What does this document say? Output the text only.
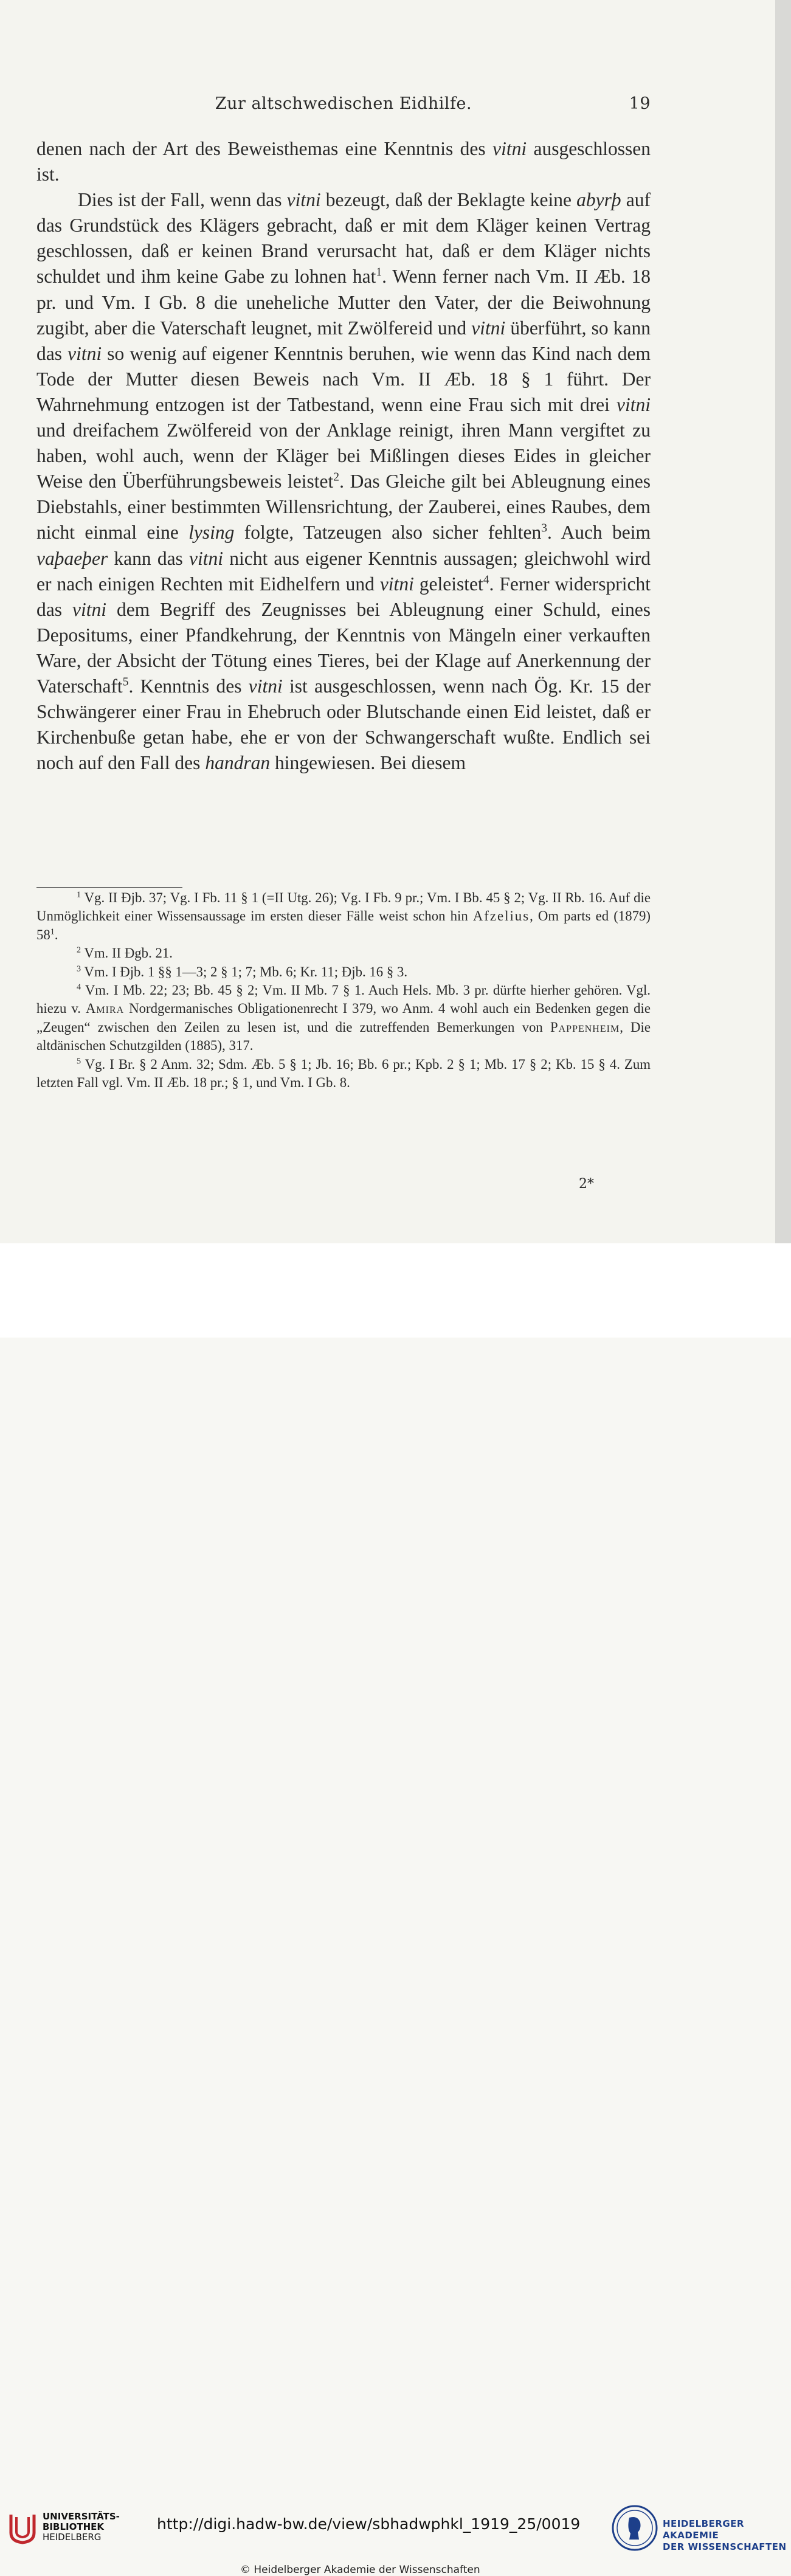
Zur altschwedischen Eidhilfe.	19

denen nach der Art des Beweisthemas eine Kenntnis des vitni ausgeschlossen ist.

Dies ist der Fall, wenn das vitni bezeugt, daß der Beklagte keine abyrþ auf das Grundstück des Klägers gebracht, daß er mit dem Kläger keinen Vertrag geschlossen, daß er keinen Brand verursacht hat, daß er dem Kläger nichts schuldet und ihm keine Gabe zu lohnen hat$^1$. Wenn ferner nach Vm. II Æb. 18 pr. und Vm. I Gb. 8 die uneheliche Mutter den Vater, der die Beiwohnung zugibt, aber die Vaterschaft leugnet, mit Zwölfereid und vitni überführt, so kann das vitni so wenig auf eigener Kenntnis beruhen, wie wenn das Kind nach dem Tode der Mutter diesen Beweis nach Vm. II Æb. 18 § 1 führt. Der Wahrnehmung entzogen ist der Tatbestand, wenn eine Frau sich mit drei vitni und dreifachem Zwölfereid von der Anklage reinigt, ihren Mann vergiftet zu haben, wohl auch, wenn der Kläger bei Mißlingen dieses Eides in gleicher Weise den Überführungsbeweis leistet$^2$. Das Gleiche gilt bei Ableugnung eines Diebstahls, einer bestimmten Willensrichtung, der Zauberei, eines Raubes, dem nicht einmal eine lysing folgte, Tatzeugen also sicher fehlten$^3$. Auch beim vaþaeþer kann das vitni nicht aus eigener Kenntnis aussagen; gleichwohl wird er nach einigen Rechten mit Eidhelfern und vitni geleistet$^4$. Ferner widerspricht das vitni dem Begriff des Zeugnisses bei Ableugnung einer Schuld, eines Depositums, einer Pfandkehrung, der Kenntnis von Mängeln einer verkauften Ware, der Absicht der Tötung eines Tieres, bei der Klage auf Anerkennung der Vaterschaft$^5$. Kenntnis des vitni ist ausgeschlossen, wenn nach Ög. Kr. 15 der Schwängerer einer Frau in Ehebruch oder Blutschande einen Eid leistet, daß er Kirchenbuße getan habe, ehe er von der Schwangerschaft wußte. Endlich sei noch auf den Fall des handran hingewiesen. Bei diesem

$^1$ Vg. II Ðjb. 37; Vg. I Fb. 11 § 1 (=II Utg. 26); Vg. I Fb. 9 pr.; Vm. I Bb. 45 § 2; Vg. II Rb. 16. Auf die Unmöglichkeit einer Wissensaussage im ersten dieser Fälle weist schon hin Afzelius, Om parts ed (1879) $58^1$.

$^2$ Vm. II Ðgb. 21.

$^3$ Vm. I Ðjb. 1 §§ 1—3; 2 § 1; 7; Mb. 6; Kr. 11; Ðjb. 16 § 3.

$^4$ Vm. I Mb. 22; 23; Bb. 45 § 2; Vm. II Mb. 7 § 1. Auch Hels. Mb. 3 pr. dürfte hierher gehören. Vgl. hiezu v. Amira Nordgermanisches Obligationenrecht I 379, wo Anm. 4 wohl auch ein Bedenken gegen die „Zeugen“ zwischen den Zeilen zu lesen ist, und die zutreffenden Bemerkungen von Pappenheim, Die altdänischen Schutzgilden (1885), 317.

$^5$ Vg. I Br. § 2 Anm. 32; Sdm. Æb. 5 § 1; Jb. 16; Bb. 6 pr.; Kpb. 2 § 1; Mb. 17 § 2; Kb. 15 § 4. Zum letzten Fall vgl. Vm. II Æb. 18 pr.; § 1, und Vm. I Gb. 8.

2*
UNIVERSITÄTS-
BIBLIOTHEK
HEIDELBERG
http://digi.hadw-bw.de/view/sbhadwphkl_1919_25/0019
© Heidelberger Akademie der Wissenschaften
HEIDELBERGER AKADEMIE
DER WISSENSCHAFTEN
